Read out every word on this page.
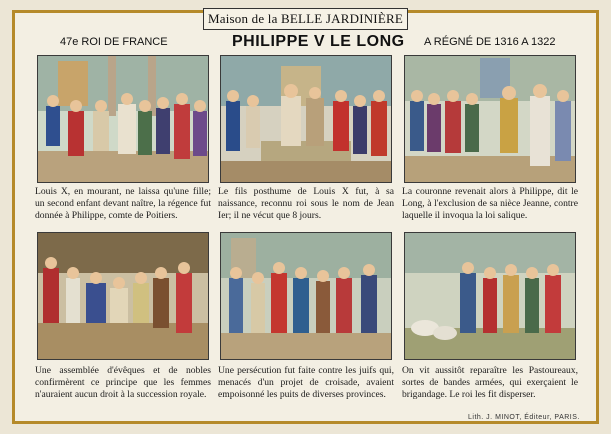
Maison de la BELLE JARDINIÈRE
47e ROI DE FRANCE	PHILIPPE V LE LONG A RÉGNÉ DE 1316 A 1322
Louis X, en mourant, ne laissa qu'une fille; un second enfant devant naître, la régence fut donnée à Philippe, comte de Poitiers.
Le fils posthume de Louis X fut, à sa naissance, reconnu roi sous le nom de Jean Ier; il ne vécut que 8 jours.
La couronne revenait alors à Philippe, dit le Long, à l'exclusion de sa nièce Jeanne, contre laquelle il invoqua la loi salique.
Une assemblée d'évêques et de nobles confirmèrent ce principe que les femmes n'auraient aucun droit à la succession royale.
Une persécution fut faite contre les juifs qui, menacés d'un projet de croisade, avaient empoisonné les puits de diverses provinces.
On vit aussitôt reparaître les Pastoureaux, sortes de bandes armées, qui exerçaient le brigandage. Le roi les fit disperser.
Lith. J. MINOT, Éditeur, PARIS.
